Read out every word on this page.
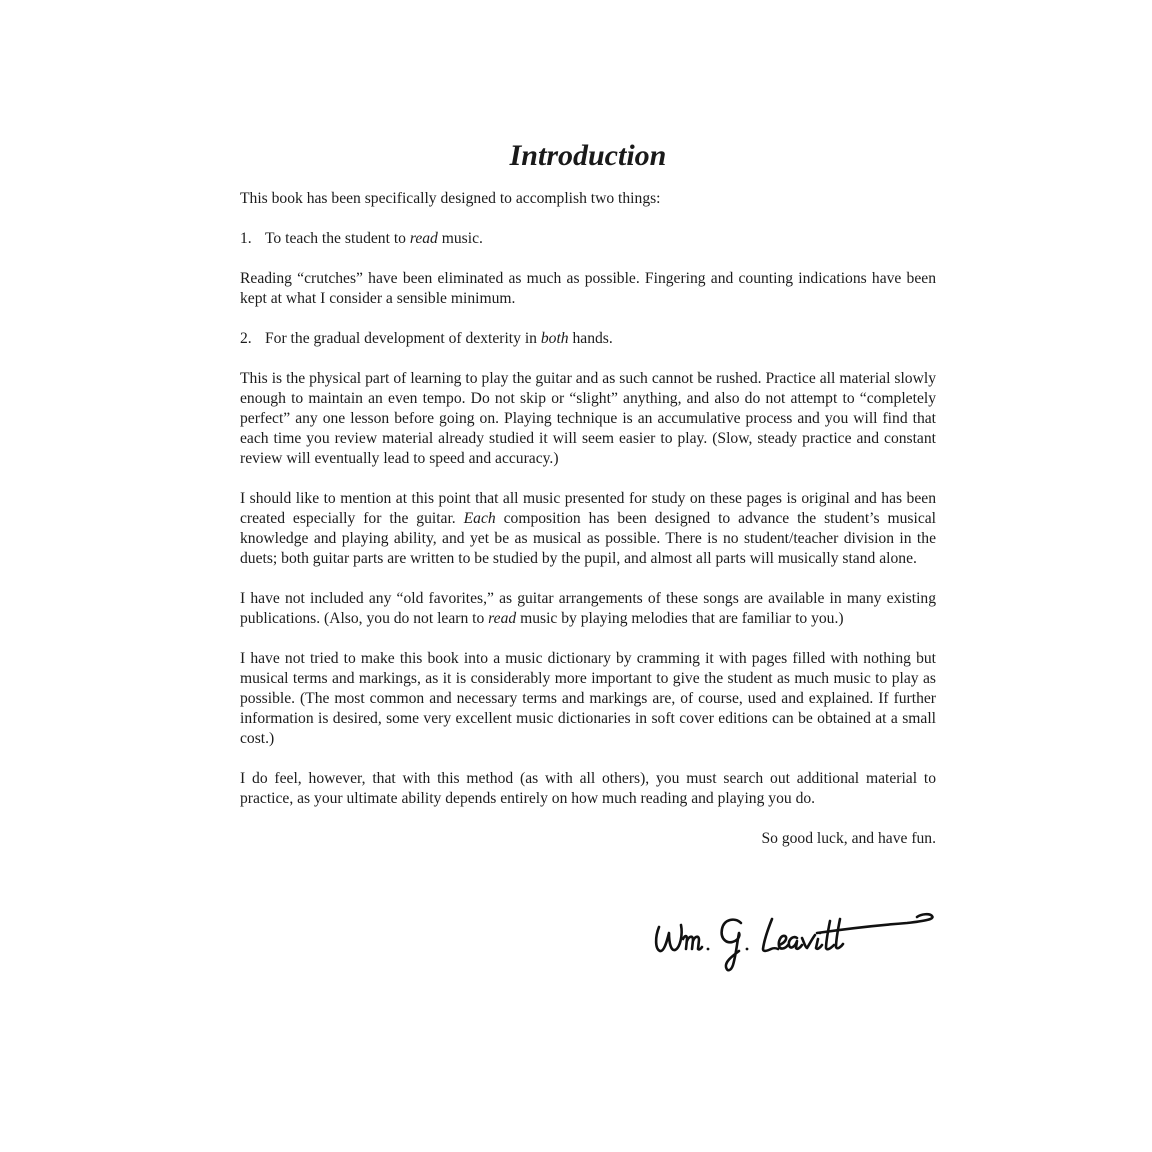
Introduction

This book has been specifically designed to accomplish two things:

1. To teach the student to read music.

Reading “crutches” have been eliminated as much as possible. Fingering and counting indications have been kept at what I consider a sensible minimum.

2. For the gradual development of dexterity in both hands.

This is the physical part of learning to play the guitar and as such cannot be rushed. Practice all material slowly enough to maintain an even tempo. Do not skip or “slight” anything, and also do not attempt to “completely perfect” any one lesson before going on. Playing technique is an accumulative process and you will find that each time you review material already studied it will seem easier to play. (Slow, steady practice and constant review will eventually lead to speed and accuracy.)

I should like to mention at this point that all music presented for study on these pages is original and has been created especially for the guitar. Each composition has been designed to advance the student’s musical knowledge and playing ability, and yet be as musical as possible. There is no student/teacher division in the duets; both guitar parts are written to be studied by the pupil, and almost all parts will musically stand alone.

I have not included any “old favorites,” as guitar arrangements of these songs are available in many existing publications. (Also, you do not learn to read music by playing melodies that are familiar to you.)

I have not tried to make this book into a music dictionary by cramming it with pages filled with nothing but musical terms and markings, as it is considerably more important to give the student as much music to play as possible. (The most common and necessary terms and markings are, of course, used and explained. If further information is desired, some very excellent music dictionaries in soft cover editions can be obtained at a small cost.)

I do feel, however, that with this method (as with all others), you must search out additional material to practice, as your ultimate ability depends entirely on how much reading and playing you do.

So good luck, and have fun.
